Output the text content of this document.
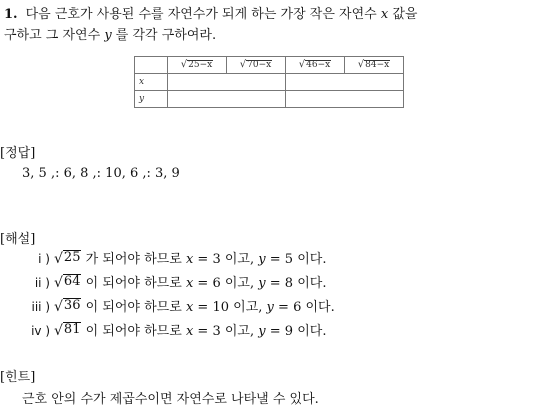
1. 다음 근호가 사용된 수를 자연수가 되게 하는 가장 작은 자연수 x 값을
구하고 그 자연수 y 를 각각 구하여라.

	√ 25−x	√ 70−x	√ 46−x	√ 84−x

x				
y				
[정답]
3, 5 ,: 6, 8 ,: 10, 6 ,: 3, 9
[해설]
i ) √ 25 가 되어야 하므로 x = 3 이고, y = 5 이다.
ii ) √ 64 이 되어야 하므로 x = 6 이고, y = 8 이다.
iii ) √ 36 이 되어야 하므로 x = 10 이고, y = 6 이다.
iv ) √ 81 이 되어야 하므로 x = 3 이고, y = 9 이다.
[힌트]
근호 안의 수가 제곱수이면 자연수로 나타낼 수 있다.
